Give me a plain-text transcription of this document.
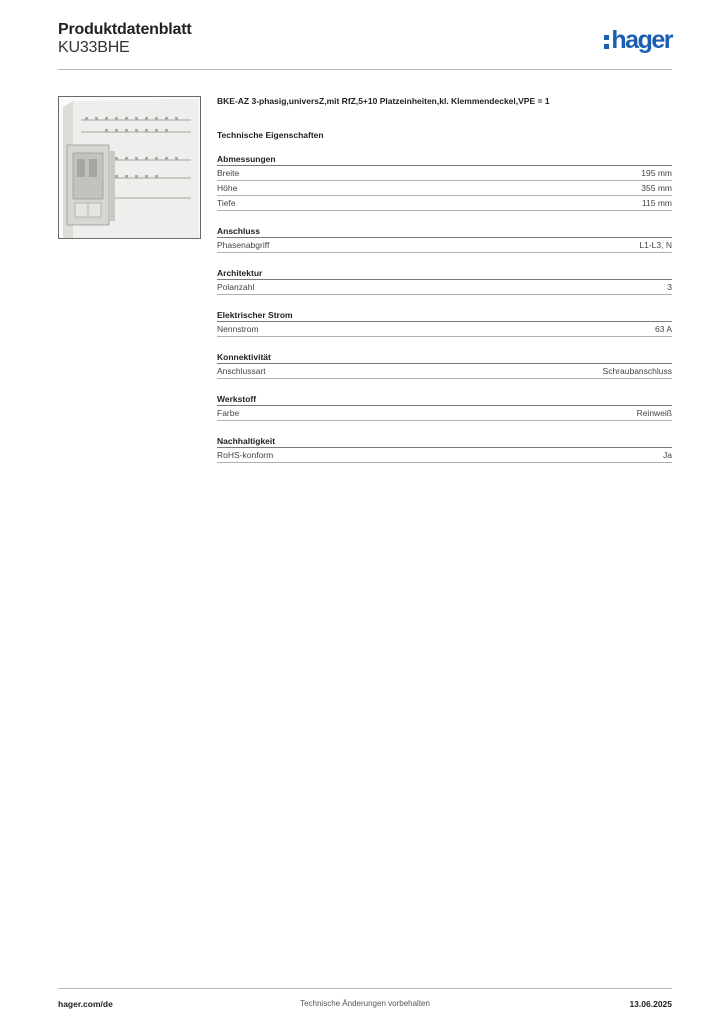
Produktdatenblatt
KU33BHE	hager
BKE-AZ 3-phasig,universZ,mit RfZ,5+10 Platzeinheiten,kl. Klemmendeckel,VPE = 1
Technische Eigenschaften
Abmessungen
Breite	195 mm
Höhe	355 mm
Tiefe	115 mm
Anschluss
Phasenabgriff	L1-L3, N
Architektur
Polanzahl	3
Elektrischer Strom
Nennstrom	63 A
Konnektivität
Anschlussart	Schraubanschluss
Werkstoff
Farbe	Reinweiß
Nachhaltigkeit
RoHS-konform	Ja
hager.com/de	Technische Änderungen vorbehalten	13.06.2025
